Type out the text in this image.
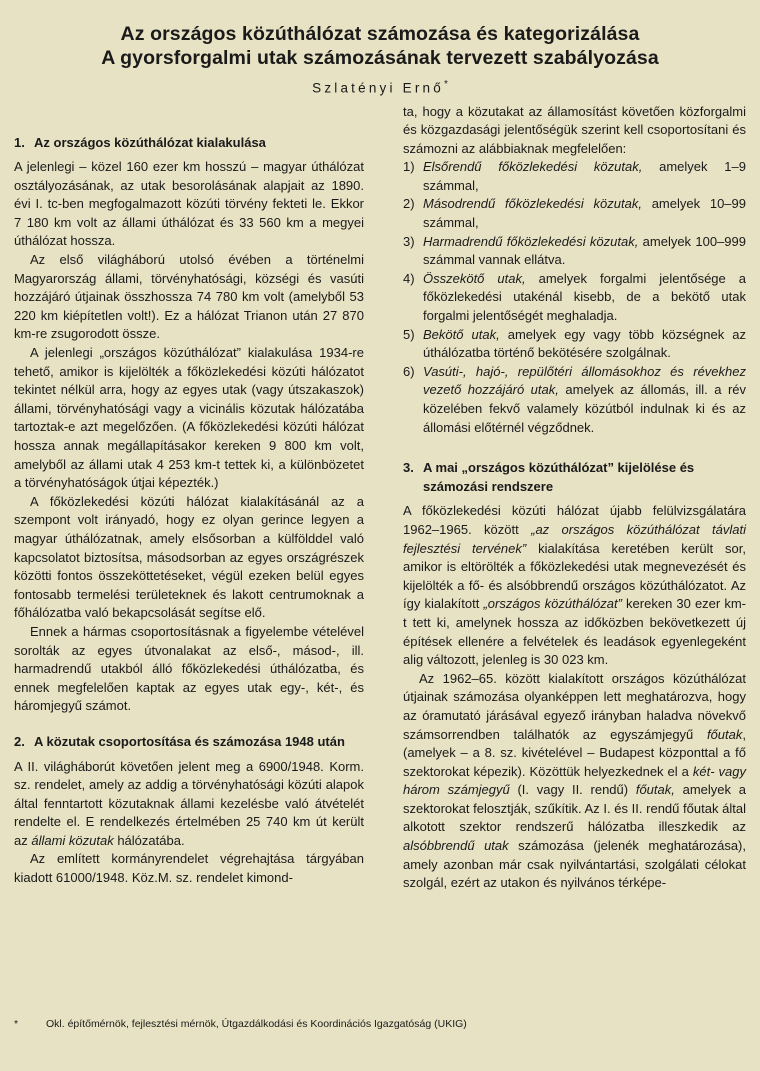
Az országos közúthálózat számozása és kategorizálása
A gyorsforgalmi utak számozásának tervezett szabályozása
Szlatényi Ernő*
1. Az országos közúthálózat kialakulása

A jelenlegi – közel 160 ezer km hosszú – magyar úthálózat osztályozásának, az utak besorolásának alapjait az 1890. évi I. tc-ben megfogalmazott közúti törvény fekteti le. Ekkor 7 180 km volt az állami úthálózat és 33 560 km a megyei úthálózat hossza.

Az első világháború utolsó évében a történelmi Magyarország állami, törvényhatósági, községi és vasúti hozzájáró útjainak összhossza 74 780 km volt (amelyből 53 220 km kiépítetlen volt!). Ez a hálózat Trianon után 27 870 km-re zsugorodott össze.

A jelenlegi „országos közúthálózat” kialakulása 1934-re tehető, amikor is kijelölték a főközlekedési közúti hálózatot tekintet nélkül arra, hogy az egyes utak (vagy útszakaszok) állami, törvényhatósági vagy a vicinális közutak hálózatába tartoztak-e azt megelőzően. (A főközlekedési közúti hálózat hossza annak megállapításakor kereken 9 800 km volt, amelyből az állami utak 4 253 km-t tettek ki, a különbözetet a törvényhatóságok útjai képezték.)

A főközlekedési közúti hálózat kialakításánál az a szempont volt irányadó, hogy ez olyan gerince legyen a magyar úthálózatnak, amely elsősorban a külfölddel való kapcsolatot biztosítsa, másodsorban az egyes országrészek közötti fontos összeköttetéseket, végül ezeken belül egyes fontosabb termelési területeknek és lakott centrumoknak a főhálózatba való bekapcsolását segítse elő.

Ennek a hármas csoportosításnak a figyelembe vételével sorolták az egyes útvonalakat az első-, másod-, ill. harmadrendű utakból álló főközlekedési úthálózatba, és ennek megfelelően kaptak az egyes utak egy-, két-, és háromjegyű számot.

2. A közutak csoportosítása és számozása 1948 után

A II. világháborút követően jelent meg a 6900/1948. Korm. sz. rendelet, amely az addig a törvényhatósági közúti alapok által fenntartott közutaknak állami kezelésbe való átvételét rendelte el. E rendelkezés értelmében 25 740 km út került az állami közutak hálózatába.

Az említett kormányrendelet végrehajtása tárgyában kiadott 61000/1948. Köz.M. sz. rendelet kimond-

ta, hogy a közutakat az államosítást követően közforgalmi és közgazdasági jelentőségük szerint kell csoportosítani és számozni az alábbiaknak megfelelően:

1) Elsőrendű főközlekedési közutak, amelyek 1–9 számmal,
2) Másodrendű főközlekedési közutak, amelyek 10–99 számmal,
3) Harmadrendű főközlekedési közutak, amelyek 100–999 számmal vannak ellátva.
4) Összekötő utak, amelyek forgalmi jelentősége a főközlekedési utakénál kisebb, de a bekötő utak forgalmi jelentőségét meghaladja.
5) Bekötő utak, amelyek egy vagy több községnek az úthálózatba történő bekötésére szolgálnak.
6) Vasúti-, hajó-, repülőtéri állomásokhoz és révekhez vezető hozzájáró utak, amelyek az állomás, ill. a rév közelében fekvő valamely közútból indulnak ki és az állomási előtérnél végződnek.
3. A mai „országos közúthálózat” kijelölése és számozási rendszere

A főközlekedési közúti hálózat újabb felülvizsgálatára 1962–1965. között „az országos közúthálózat távlati fejlesztési tervének” kialakítása keretében került sor, amikor is eltörölték a főközlekedési utak megnevezését és kijelölték a fő- és alsóbbrendű országos közúthálózatot. Az így kialakított „országos közúthálózat” kereken 30 ezer km-t tett ki, amelynek hossza az időközben bekövetkezett új építések ellenére a felvételek és leadások egyenlegeként alig változott, jelenleg is 30 023 km.

Az 1962–65. között kialakított országos közúthálózat útjainak számozása olyanképpen lett meghatározva, hogy az óramutató járásával egyező irányban haladva növekvő számsorrendben találhatók az egyszámjegyű főutak, (amelyek – a 8. sz. kivételével – Budapest központtal a fő szektorokat képezik). Közöttük helyezkednek el a két- vagy három számjegyű (I. vagy II. rendű) főutak, amelyek a szektorokat felosztják, szűkítik. Az I. és II. rendű főutak által alkotott szektor rendszerű hálózatba illeszkedik az alsóbbrendű utak számozása (jelenék meghatározása), amely azonban már csak nyilvántartási, szolgálati célokat szolgál, ezért az utakon és nyilvános térképe-

*	Okl. építőmérnök, fejlesztési mérnök, Útgazdálkodási és Koordinációs Igazgatóság (UKIG)
